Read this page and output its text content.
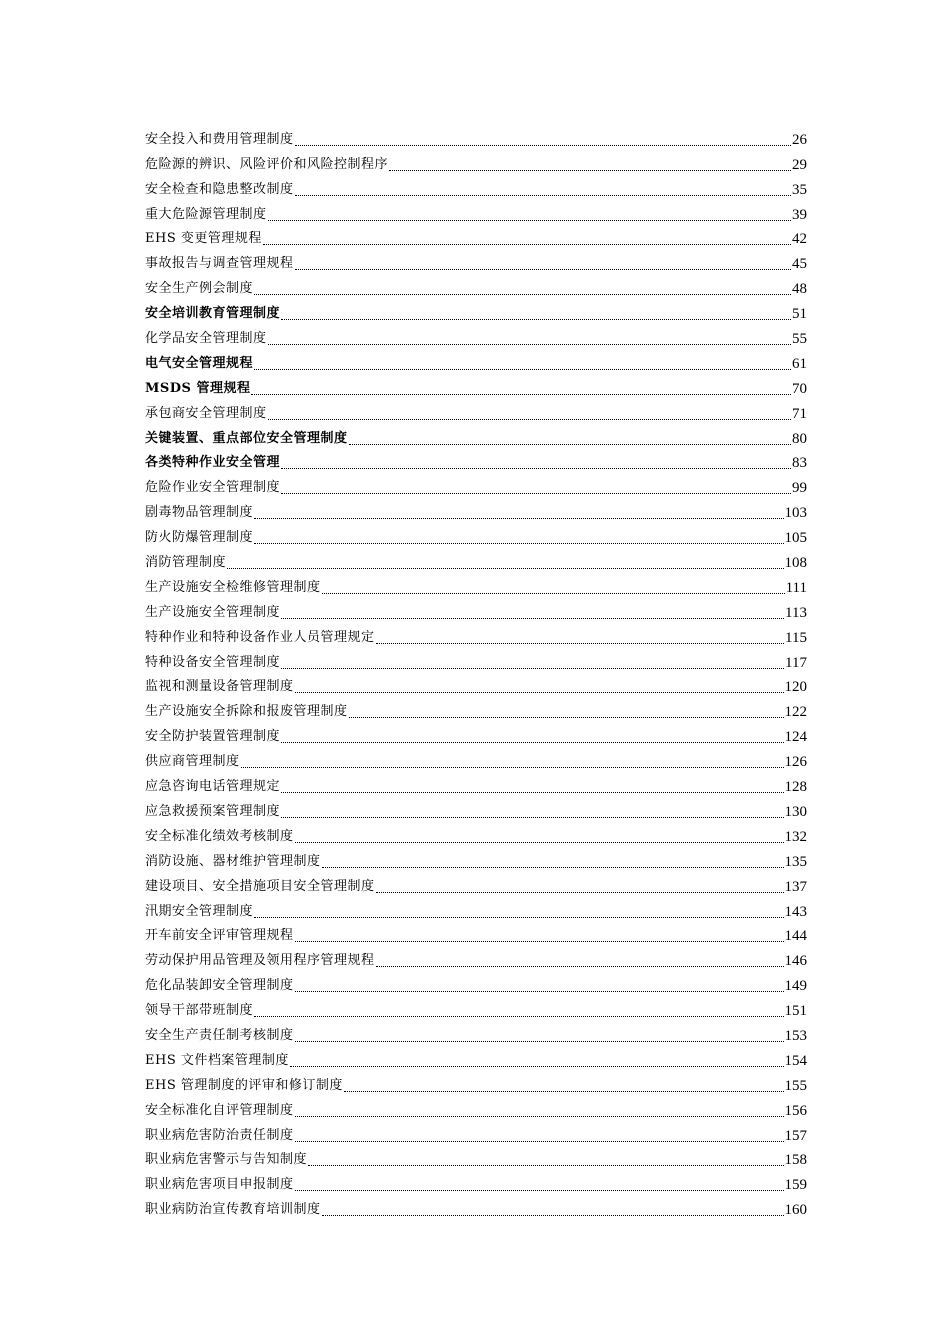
安全投入和费用管理制度	26
危险源的辨识、风险评价和风险控制程序	29
安全检查和隐患整改制度	35
重大危险源管理制度	39
EHS 变更管理规程	42
事故报告与调查管理规程	45
安全生产例会制度	48
安全培训教育管理制度	51
化学品安全管理制度	55
电气安全管理规程	61
MSDS 管理规程	70
承包商安全管理制度	71
关键装置、重点部位安全管理制度	80
各类特种作业安全管理	83
危险作业安全管理制度	99
剧毒物品管理制度	103
防火防爆管理制度	105
消防管理制度	108
生产设施安全检维修管理制度	111
生产设施安全管理制度	113
特种作业和特种设备作业人员管理规定	115
特种设备安全管理制度	117
监视和测量设备管理制度	120
生产设施安全拆除和报废管理制度	122
安全防护装置管理制度	124
供应商管理制度	126
应急咨询电话管理规定	128
应急救援预案管理制度	130
安全标准化绩效考核制度	132
消防设施、器材维护管理制度	135
建设项目、安全措施项目安全管理制度	137
汛期安全管理制度	143
开车前安全评审管理规程	144
劳动保护用品管理及领用程序管理规程	146
危化品装卸安全管理制度	149
领导干部带班制度	151
安全生产责任制考核制度	153
EHS 文件档案管理制度	154
EHS 管理制度的评审和修订制度	155
安全标准化自评管理制度	156
职业病危害防治责任制度	157
职业病危害警示与告知制度	158
职业病危害项目申报制度	159
职业病防治宣传教育培训制度	160
